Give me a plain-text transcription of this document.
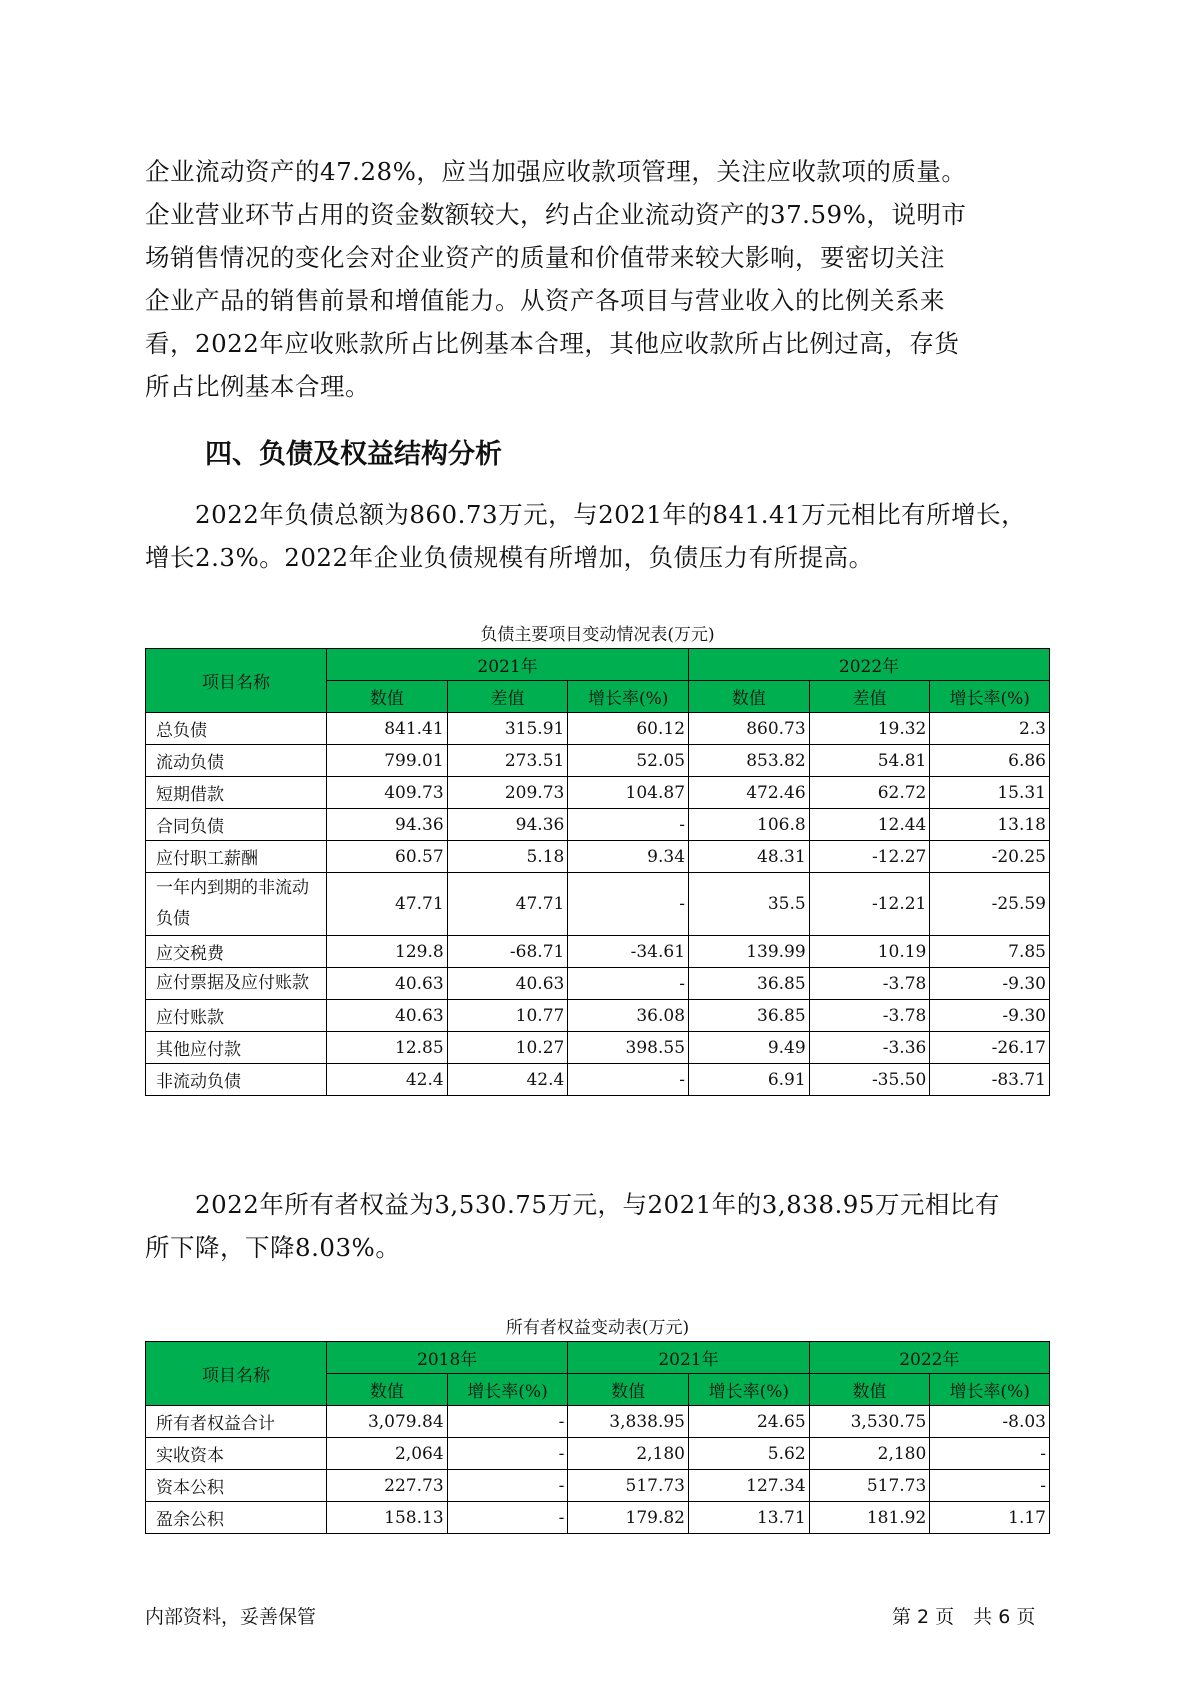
企业流动资产的47.28%，应当加强应收款项管理，关注应收款项的质量。
企业营业环节占用的资金数额较大，约占企业流动资产的37.59%，说明市
场销售情况的变化会对企业资产的质量和价值带来较大影响，要密切关注
企业产品的销售前景和增值能力。从资产各项目与营业收入的比例关系来
看，2022年应收账款所占比例基本合理，其他应收款所占比例过高，存货
所占比例基本合理。
四、负债及权益结构分析
　　2022年负债总额为860.73万元，与2021年的841.41万元相比有所增长，
增长2.3%。2022年企业负债规模有所增加，负债压力有所提高。

负债主要项目变动情况表(万元)

项目名称	2021年			2022年		
	数值	差值	增长率(%)	数值	差值	增长率(%)
总负债	841.41	315.91	60.12	860.73	19.32	2.3
流动负债	799.01	273.51	52.05	853.82	54.81	6.86
短期借款	409.73	209.73	104.87	472.46	62.72	15.31
合同负债	94.36	94.36	-	106.8	12.44	13.18
应付职工薪酬	60.57	5.18	9.34	48.31	-12.27	-20.25
一年内到期的非流动负债	47.71	47.71	-	35.5	-12.21	-25.59
应交税费	129.8	-68.71	-34.61	139.99	10.19	7.85
应付票据及应付账款	40.63	40.63	-	36.85	-3.78	-9.30
应付账款	40.63	10.77	36.08	36.85	-3.78	-9.30
其他应付款	12.85	10.27	398.55	9.49	-3.36	-26.17
非流动负债	42.4	42.4	-	6.91	-35.50	-83.71
　　2022年所有者权益为3,530.75万元，与2021年的3,838.95万元相比有
所下降，下降8.03%。

所有者权益变动表(万元)

项目名称	2018年		2021年		2022年	
	数值	增长率(%)	数值	增长率(%)	数值	增长率(%)
所有者权益合计	3,079.84	-	3,838.95	24.65	3,530.75	-8.03
实收资本	2,064	-	2,180	5.62	2,180	-
资本公积	227.73	-	517.73	127.34	517.73	-
盈余公积	158.13	-	179.82	13.71	181.92	1.17

内部资料，妥善保管	第 2 页　共 6 页
